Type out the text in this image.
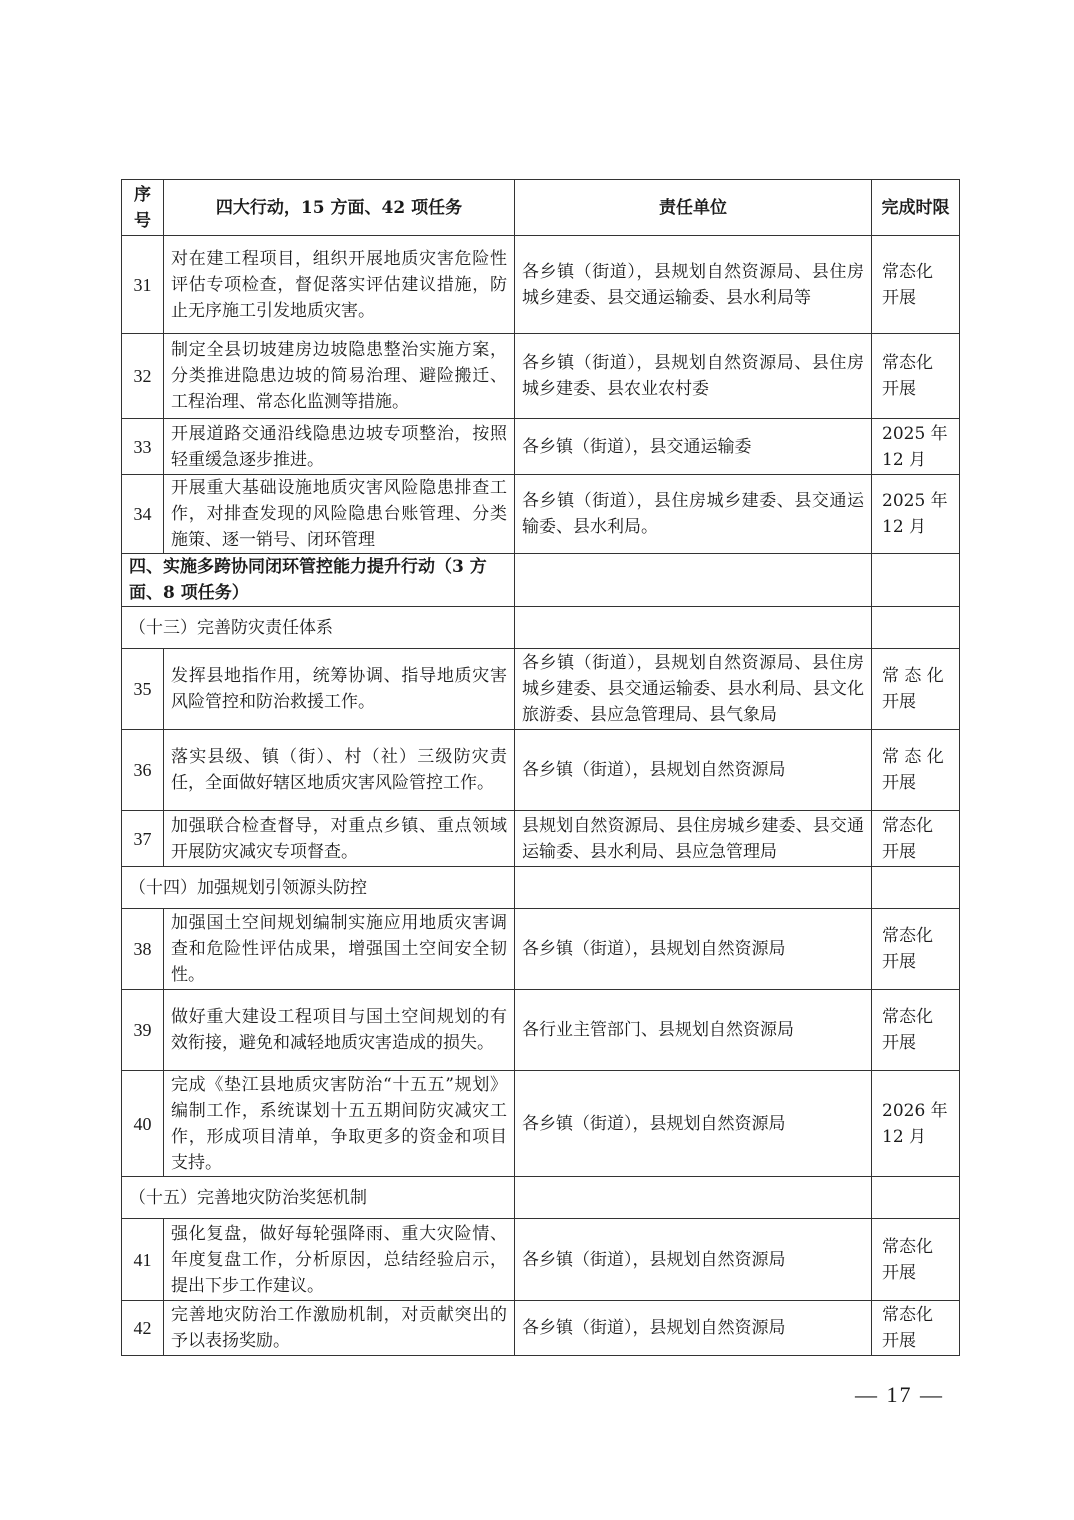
序号	四大行动，15 方面、42 项任务	责任单位	完成时限
31	对在建工程项目，组织开展地质灾害危险性评估专项检查，督促落实评估建议措施，防止无序施工引发地质灾害。	各乡镇（街道），县规划自然资源局、县住房城乡建委、县交通运输委、县水利局等	常态化开展
32	制定全县切坡建房边坡隐患整治实施方案，分类推进隐患边坡的简易治理、避险搬迁、工程治理、常态化监测等措施。	各乡镇（街道），县规划自然资源局、县住房城乡建委、县农业农村委	常态化开展
33	开展道路交通沿线隐患边坡专项整治，按照轻重缓急逐步推进。	各乡镇（街道），县交通运输委	2025 年 12 月
34	开展重大基础设施地质灾害风险隐患排查工作，对排查发现的风险隐患台账管理、分类施策、逐一销号、闭环管理	各乡镇（街道），县住房城乡建委、县交通运输委、县水利局。	2025 年 12 月
四、实施多跨协同闭环管控能力提升行动（3 方面、8 项任务）			
（十三）完善防灾责任体系			
35	发挥县地指作用，统筹协调、指导地质灾害风险管控和防治救援工作。	各乡镇（街道），县规划自然资源局、县住房城乡建委、县交通运输委、县水利局、县文化旅游委、县应急管理局、县气象局	常 态 化 开展
36	落实县级、镇（街）、村（社）三级防灾责任，全面做好辖区地质灾害风险管控工作。	各乡镇（街道），县规划自然资源局	常 态 化 开展
37	加强联合检查督导，对重点乡镇、重点领域开展防灾减灾专项督查。	县规划自然资源局、县住房城乡建委、县交通运输委、县水利局、县应急管理局	常态化开展
（十四）加强规划引领源头防控			
38	加强国土空间规划编制实施应用地质灾害调查和危险性评估成果，增强国土空间安全韧性。	各乡镇（街道），县规划自然资源局	常态化开展
39	做好重大建设工程项目与国土空间规划的有效衔接，避免和减轻地质灾害造成的损失。	各行业主管部门、县规划自然资源局	常态化开展
40	完成《垫江县地质灾害防治“十五五”规划》编制工作，系统谋划十五五期间防灾减灾工作，形成项目清单，争取更多的资金和项目支持。	各乡镇（街道），县规划自然资源局	2026 年 12 月
（十五）完善地灾防治奖惩机制			
41	强化复盘，做好每轮强降雨、重大灾险情、年度复盘工作，分析原因，总结经验启示，提出下步工作建议。	各乡镇（街道），县规划自然资源局	常态化开展
42	完善地灾防治工作激励机制，对贡献突出的予以表扬奖励。	各乡镇（街道），县规划自然资源局	常态化开展
— 17 —
